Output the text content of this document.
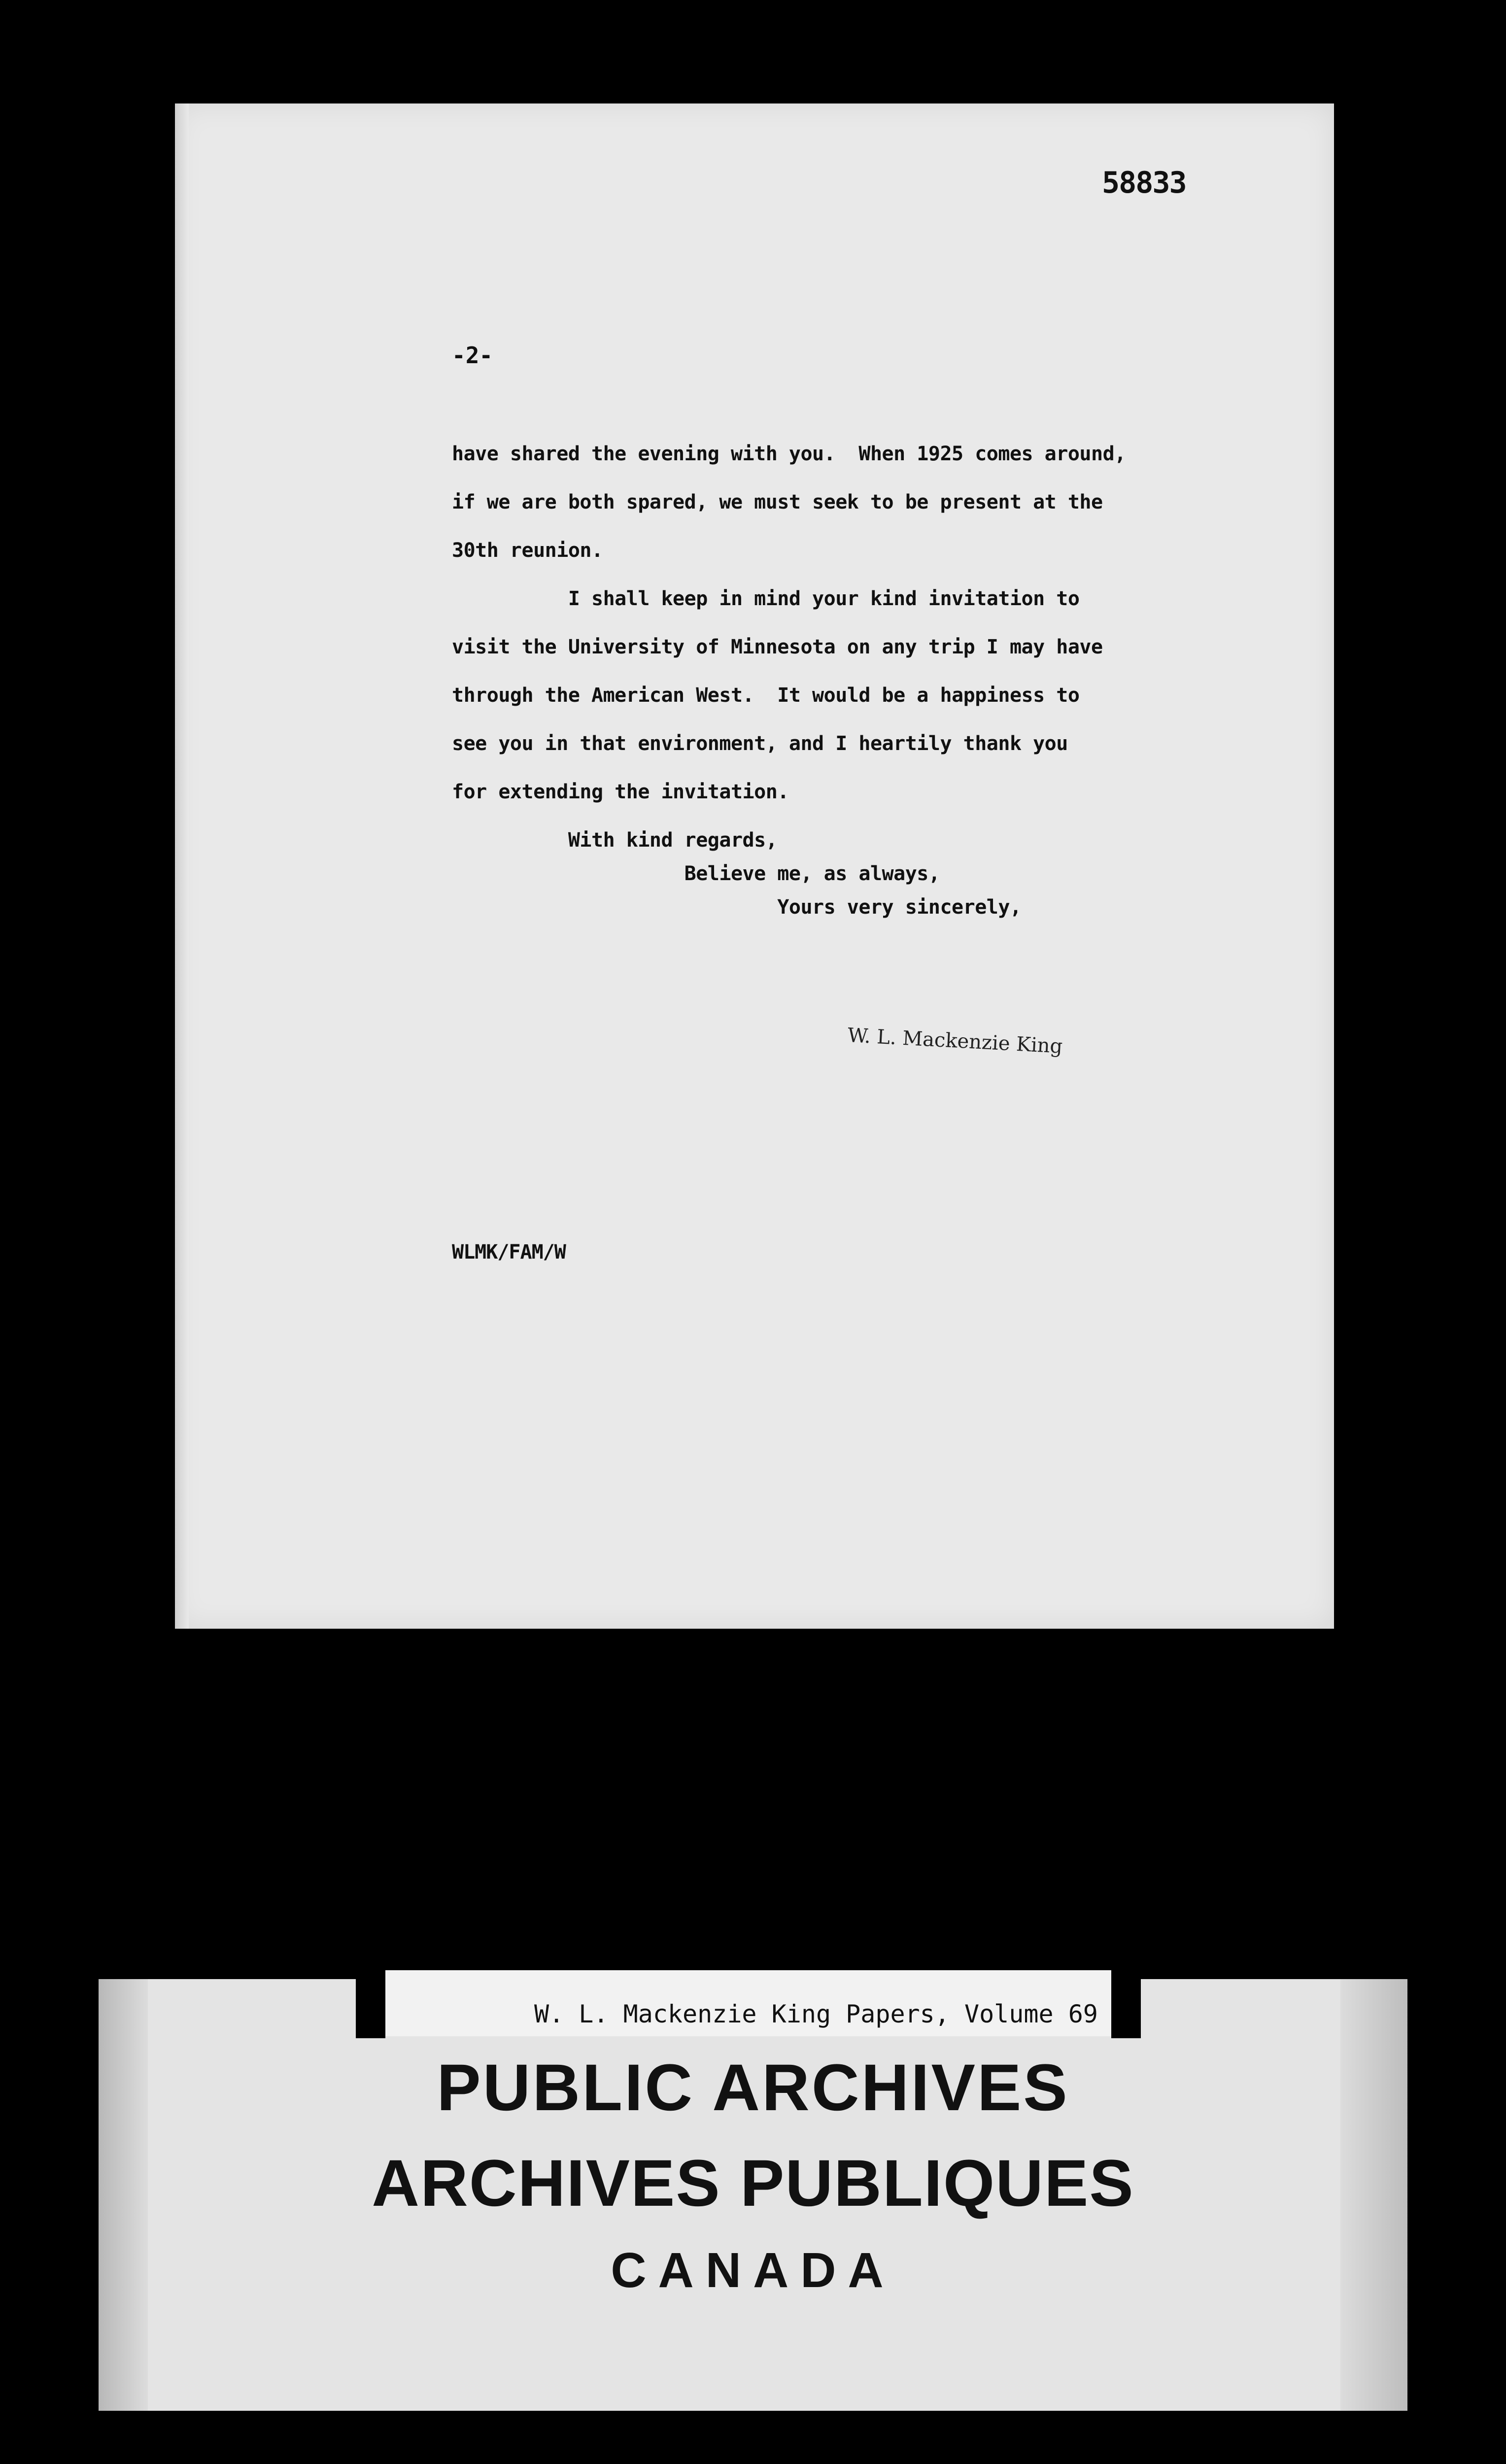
58833
-2-
have shared the evening with you.  When 1925 comes around,
if we are both spared, we must seek to be present at the
30th reunion.
I shall keep in mind your kind invitation to
visit the University of Minnesota on any trip I may have
through the American West.  It would be a happiness to
see you in that environment, and I heartily thank you
for extending the invitation.
With kind regards,
Believe me, as always,
Yours very sincerely,
W. L. Mackenzie King
WLMK/FAM/W
W. L. Mackenzie King Papers, Volume 69
PUBLIC ARCHIVES
ARCHIVES PUBLIQUES
CANADA
